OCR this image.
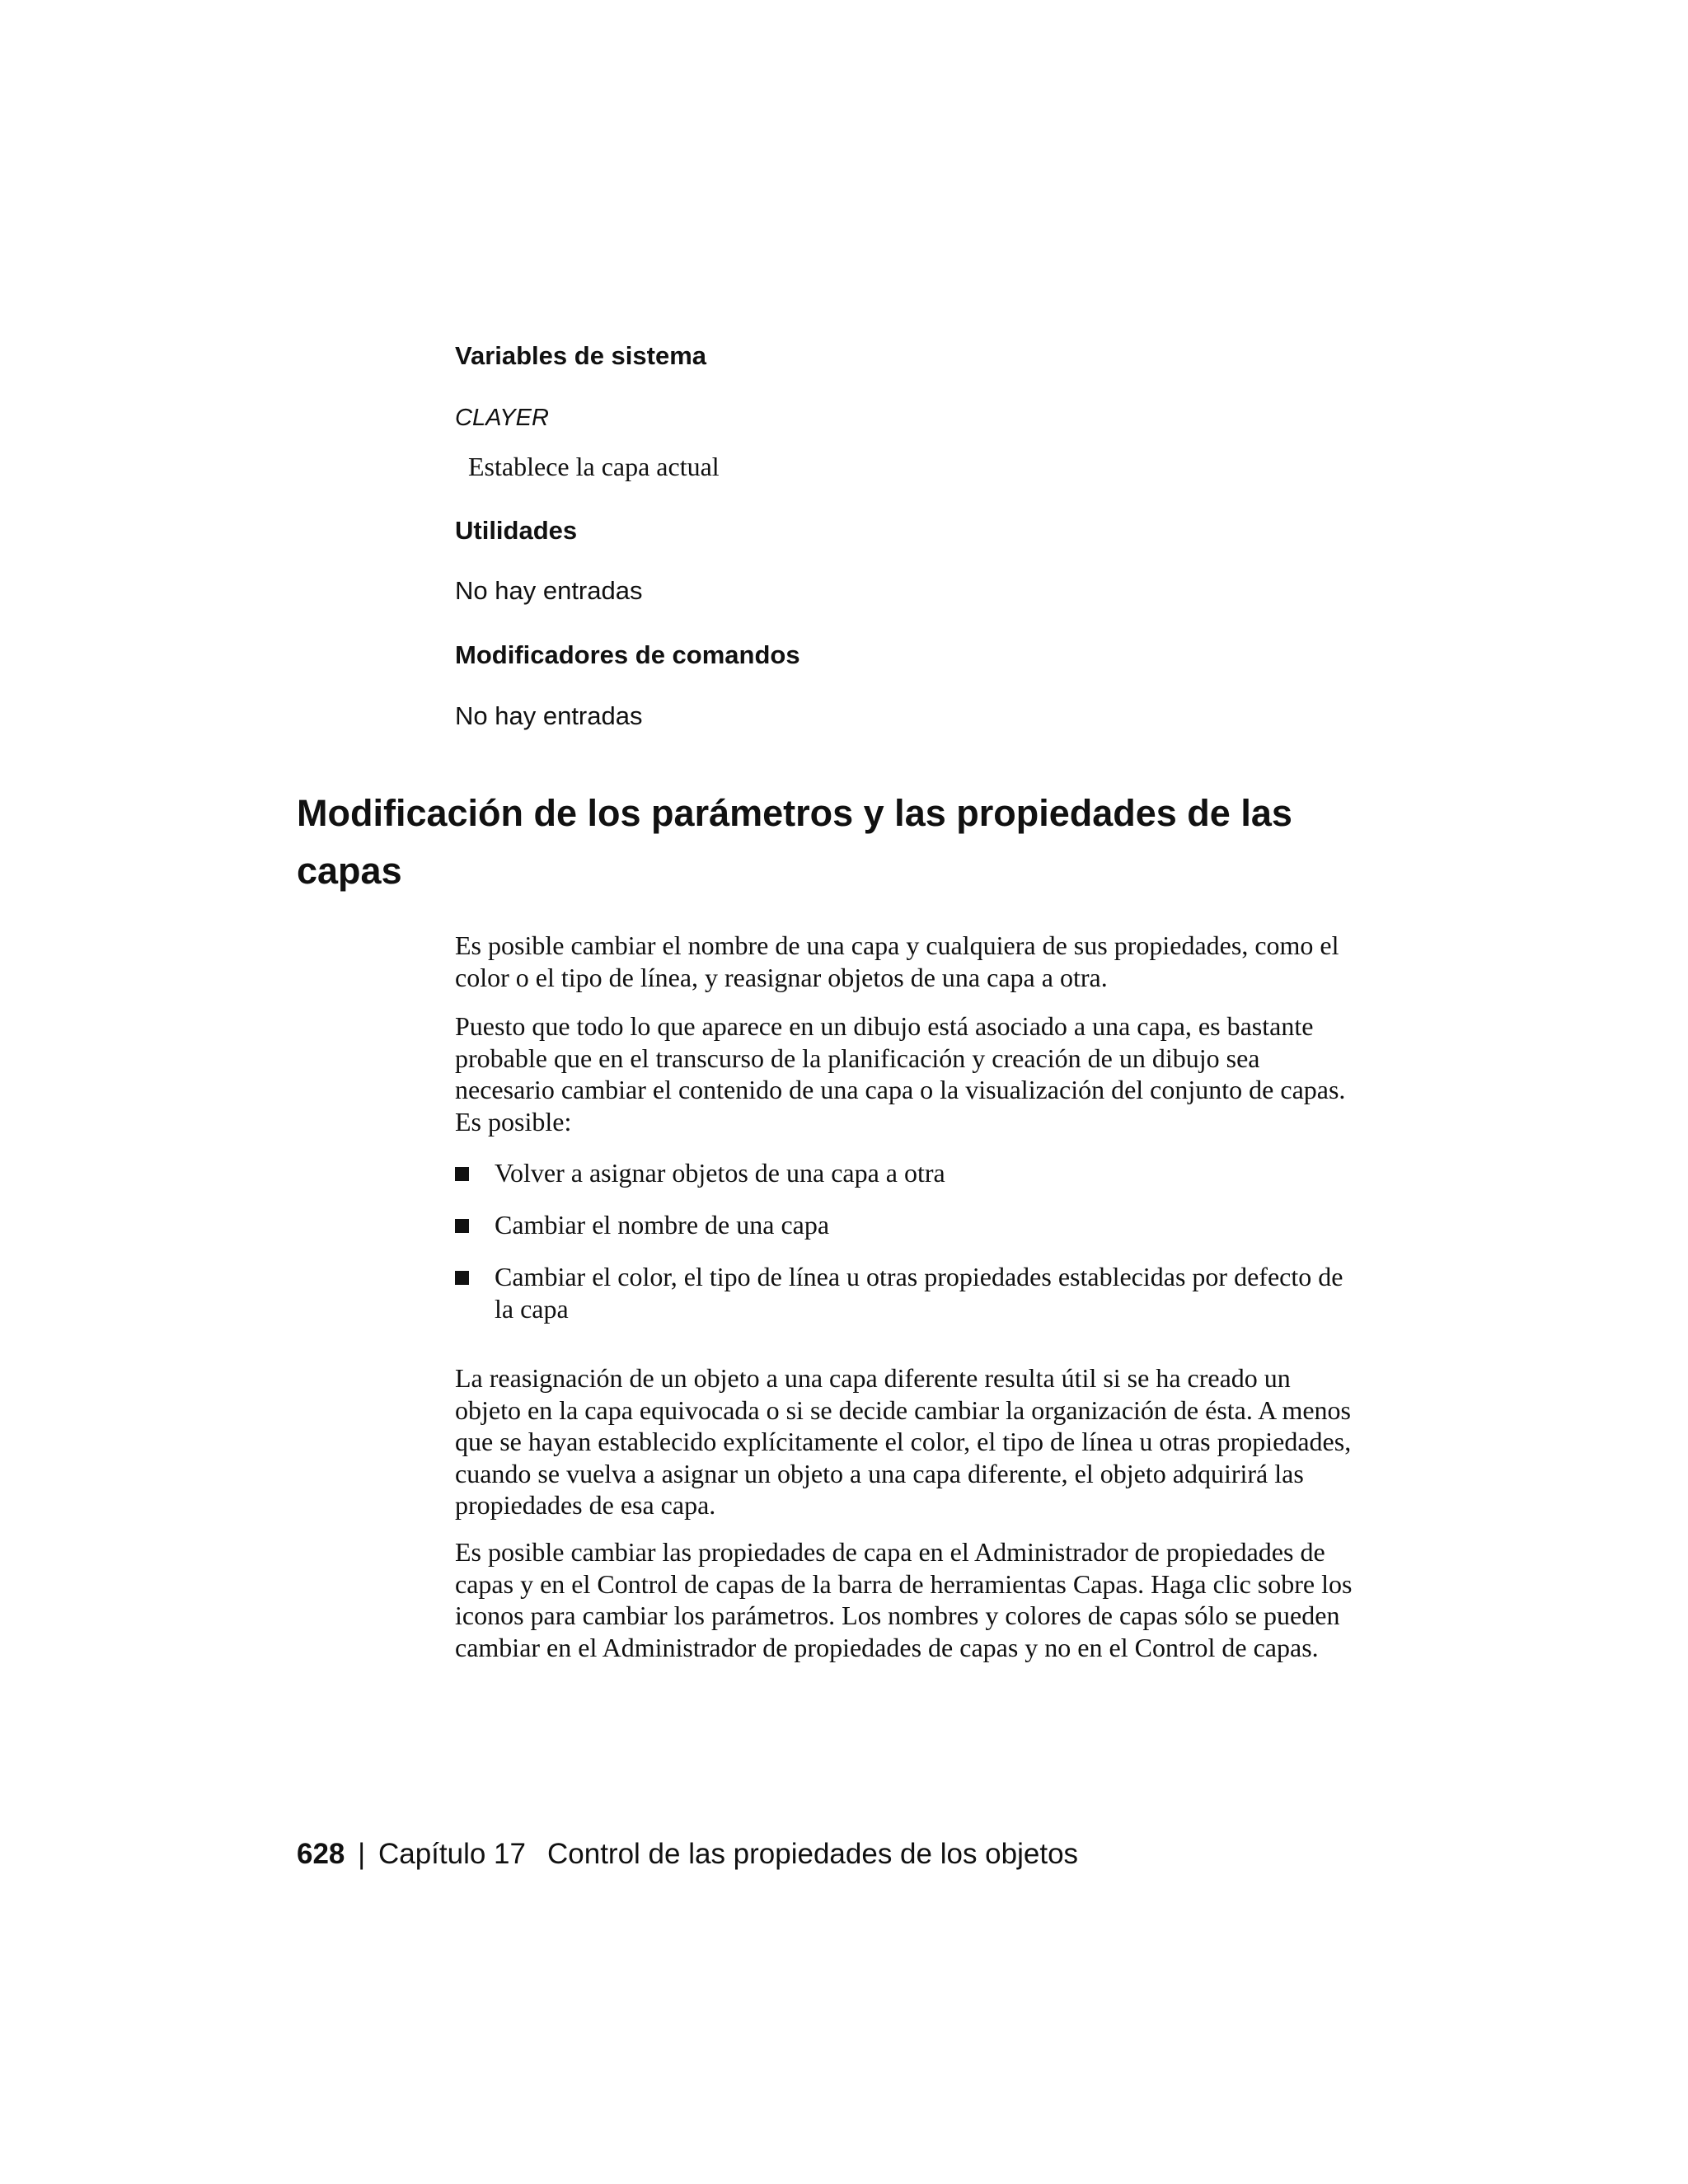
Variables de sistema
CLAYER
Establece la capa actual
Utilidades
No hay entradas
Modificadores de comandos
No hay entradas
Modificación de los parámetros y las propiedades de las capas
Es posible cambiar el nombre de una capa y cualquiera de sus propiedades, como el color o el tipo de línea, y reasignar objetos de una capa a otra.
Puesto que todo lo que aparece en un dibujo está asociado a una capa, es bastante probable que en el transcurso de la planificación y creación de un dibujo sea necesario cambiar el contenido de una capa o la visualización del conjunto de capas. Es posible:
Volver a asignar objetos de una capa a otra
Cambiar el nombre de una capa
Cambiar el color, el tipo de línea u otras propiedades establecidas por defecto de la capa
La reasignación de un objeto a una capa diferente resulta útil si se ha creado un objeto en la capa equivocada o si se decide cambiar la organización de ésta. A menos que se hayan establecido explícitamente el color, el tipo de línea u otras propiedades, cuando se vuelva a asignar un objeto a una capa diferente, el objeto adquirirá las propiedades de esa capa.
Es posible cambiar las propiedades de capa en el Administrador de propiedades de capas y en el Control de capas de la barra de herramientas Capas. Haga clic sobre los iconos para cambiar los parámetros. Los nombres y colores de capas sólo se pueden cambiar en el Administrador de propiedades de capas y no en el Control de capas.
628 | Capítulo 17 Control de las propiedades de los objetos
